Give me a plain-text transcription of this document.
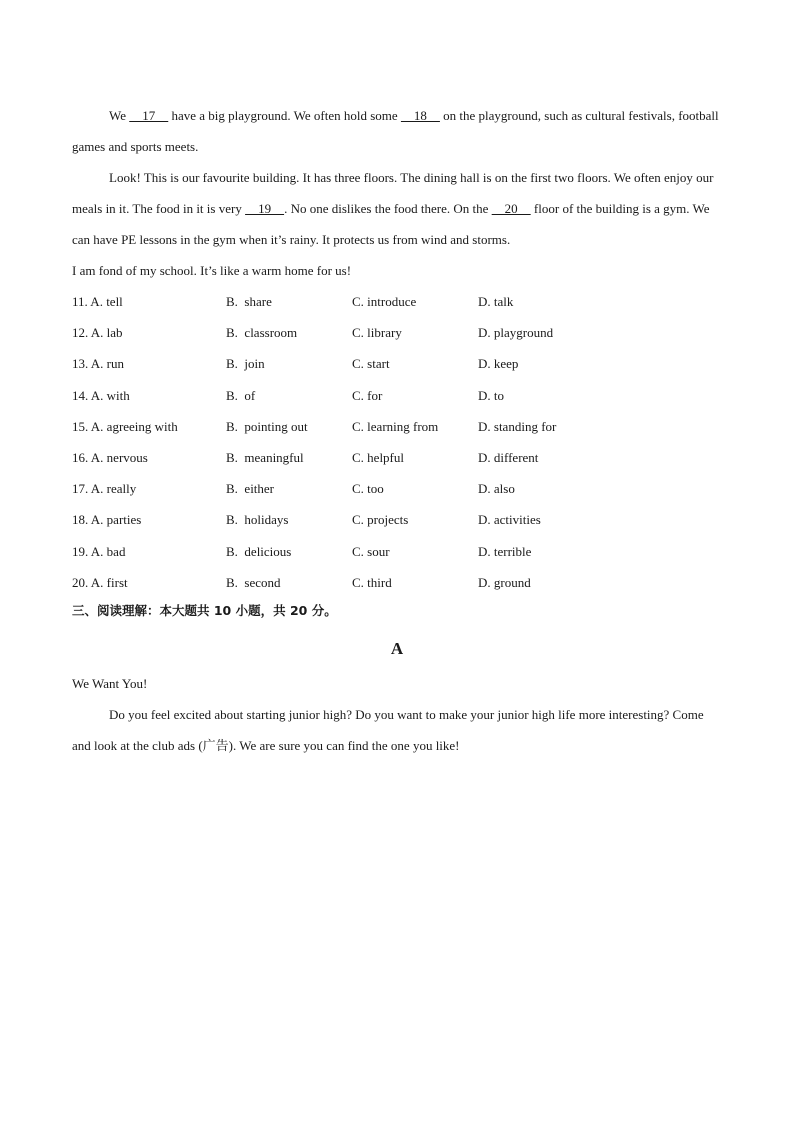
We     17     have a big playground. We often hold some     18     on the playground, such as cultural festivals, football games and sports meets.

Look! This is our favourite building. It has three floors. The dining hall is on the first two floors. We often enjoy our meals in it. The food in it is very     19    . No one dislikes the food there. On the     20     floor of the building is a gym. We can have PE lessons in the gym when it’s rainy. It protects us from wind and storms.

I am fond of my school. It’s like a warm home for us!

11. A. tell	B.  share	C. introduce	D. talk
12. A. lab	B.  classroom	C. library	D. playground
13. A. run	B.  join	C. start	D. keep
14. A. with	B.  of	C. for	D. to
15. A. agreeing with	B.  pointing out	C. learning from	D. standing for
16. A. nervous	B.  meaningful	C. helpful	D. different
17. A. really	B.  either	C. too	D. also
18. A. parties	B.  holidays	C. projects	D. activities
19. A. bad	B.  delicious	C. sour	D. terrible
20. A. first	B.  second	C. third	D. ground
三、阅读理解：本大题共 10 小题，共 20 分。
A

We Want You!

Do you feel excited about starting junior high? Do you want to make your junior high life more interesting? Come and look at the club ads (广告). We are sure you can find the one you like!
